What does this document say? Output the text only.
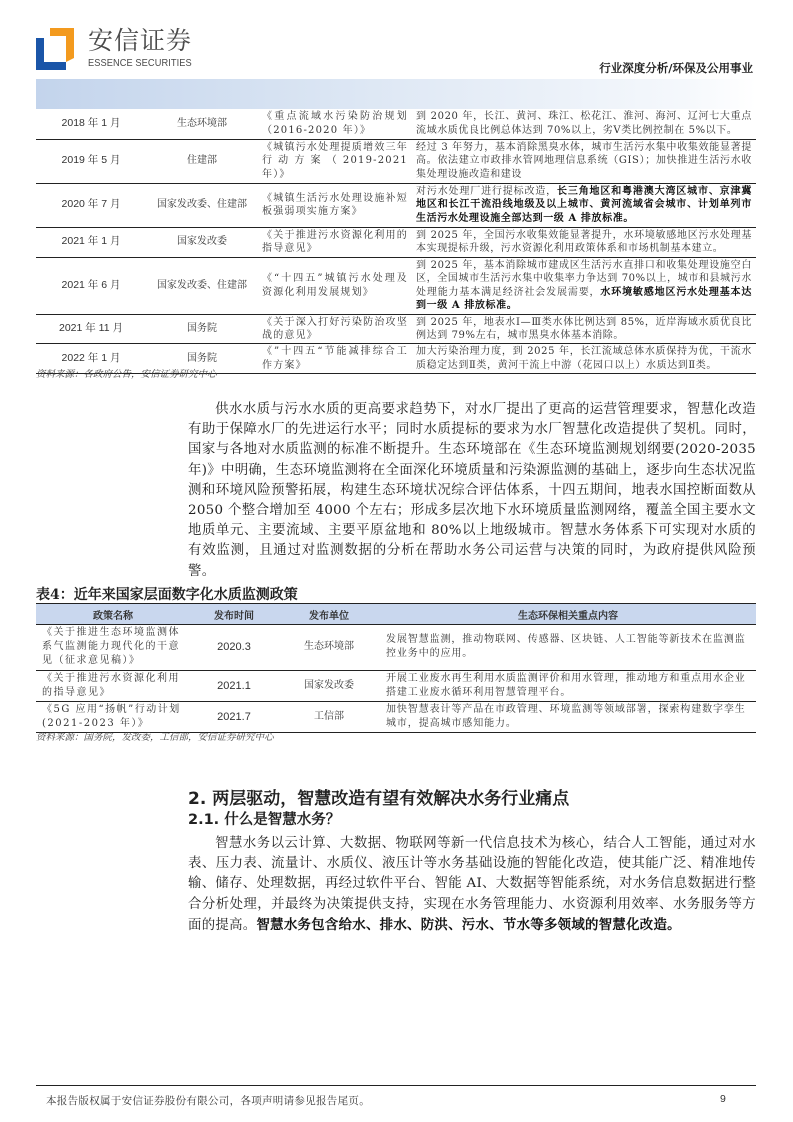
安信证券
ESSENCE SECURITIES	行业深度分析/环保及公用事业
2018 年 1 月	生态环境部	《重点流域水污染防治规划（2016-2020 年）》	到 2020 年，长江、黄河、珠江、松花江、淮河、海河、辽河七大重点流域水质优良比例总体达到 70%以上，劣Ⅴ类比例控制在 5%以下。
2019 年 5 月	住建部	《城镇污水处理提质增效三年行动方案（2019-2021 年）》	经过 3 年努力，基本消除黑臭水体，城市生活污水集中收集效能显著提高。依法建立市政排水管网地理信息系统（GIS）；加快推进生活污水收集处理设施改造和建设
2020 年 7 月	国家发改委、住建部	《城镇生活污水处理设施补短板强弱项实施方案》	对污水处理厂进行提标改造，长三角地区和粤港澳大湾区城市、京津冀地区和长江干流沿线地级及以上城市、黄河流域省会城市、计划单列市生活污水处理设施全部达到一级 A 排放标准。
2021 年 1 月	国家发改委	《关于推进污水资源化利用的指导意见》	到 2025 年，全国污水收集效能显著提升，水环境敏感地区污水处理基本实现提标升级，污水资源化利用政策体系和市场机制基本建立。
2021 年 6 月	国家发改委、住建部	《“十四五”城镇污水处理及资源化利用发展规划》	到 2025 年，基本消除城市建成区生活污水直排口和收集处理设施空白区，全国城市生活污水集中收集率力争达到 70%以上，城市和县城污水处理能力基本满足经济社会发展需要，水环境敏感地区污水处理基本达到一级 A 排放标准。
2021 年 11 月	国务院	《关于深入打好污染防治攻坚战的意见》	到 2025 年，地表水Ⅰ—Ⅲ类水体比例达到 85%，近岸海域水质优良比例达到 79%左右，城市黑臭水体基本消除。
2022 年 1 月	国务院	《”十四五“节能减排综合工作方案》	加大污染治理力度，到 2025 年，长江流域总体水质保持为优，干流水质稳定达到Ⅱ类，黄河干流上中游（花园口以上）水质达到Ⅱ类。
资料来源：各政府公告，安信证券研究中心
供水水质与污水水质的更高要求趋势下，对水厂提出了更高的运营管理要求，智慧化改造有助于保障水厂的先进运行水平；同时水质提标的要求为水厂智慧化改造提供了契机。同时，国家与各地对水质监测的标准不断提升。生态环境部在《生态环境监测规划纲要(2020-2035 年)》中明确，生态环境监测将在全面深化环境质量和污染源监测的基础上，逐步向生态状况监测和环境风险预警拓展，构建生态环境状况综合评估体系，十四五期间，地表水国控断面数从 2050 个整合增加至 4000 个左右；形成多层次地下水环境质量监测网络，覆盖全国主要水文地质单元、主要流域、主要平原盆地和 80%以上地级城市。智慧水务体系下可实现对水质的有效监测，且通过对监测数据的分析在帮助水务公司运营与决策的同时，为政府提供风险预警。
表4：近年来国家层面数字化水质监测政策
政策名称	发布时间	发布单位	生态环保相关重点内容
《关于推进生态环境监测体系气监测能力现代化的干意见（征求意见稿）》	2020.3	生态环境部	发展智慧监测，推动物联网、传感器、区块链、人工智能等新技术在监测监控业务中的应用。
《关于推进污水资源化利用的指导意见》	2021.1	国家发改委	开展工业废水再生利用水质监测评价和用水管理，推动地方和重点用水企业搭建工业废水循环利用智慧管理平台。
《5G 应用“扬帆”行动计划(2021-2023 年）》	2021.7	工信部	加快智慧表计等产品在市政管理、环境监测等领域部署，探索构建数字孪生城市，提高城市感知能力。
资料来源：国务院，发改委，工信部，安信证券研究中心
2. 两层驱动，智慧改造有望有效解决水务行业痛点
2.1. 什么是智慧水务？
智慧水务以云计算、大数据、物联网等新一代信息技术为核心，结合人工智能，通过对水表、压力表、流量计、水质仪、液压计等水务基础设施的智能化改造，使其能广泛、精准地传输、储存、处理数据，再经过软件平台、智能 AI、大数据等智能系统，对水务信息数据进行整合分析处理，并最终为决策提供支持，实现在水务管理能力、水资源利用效率、水务服务等方面的提高。智慧水务包含给水、排水、防洪、污水、节水等多领域的智慧化改造。
本报告版权属于安信证券股份有限公司，各项声明请参见报告尾页。	9
